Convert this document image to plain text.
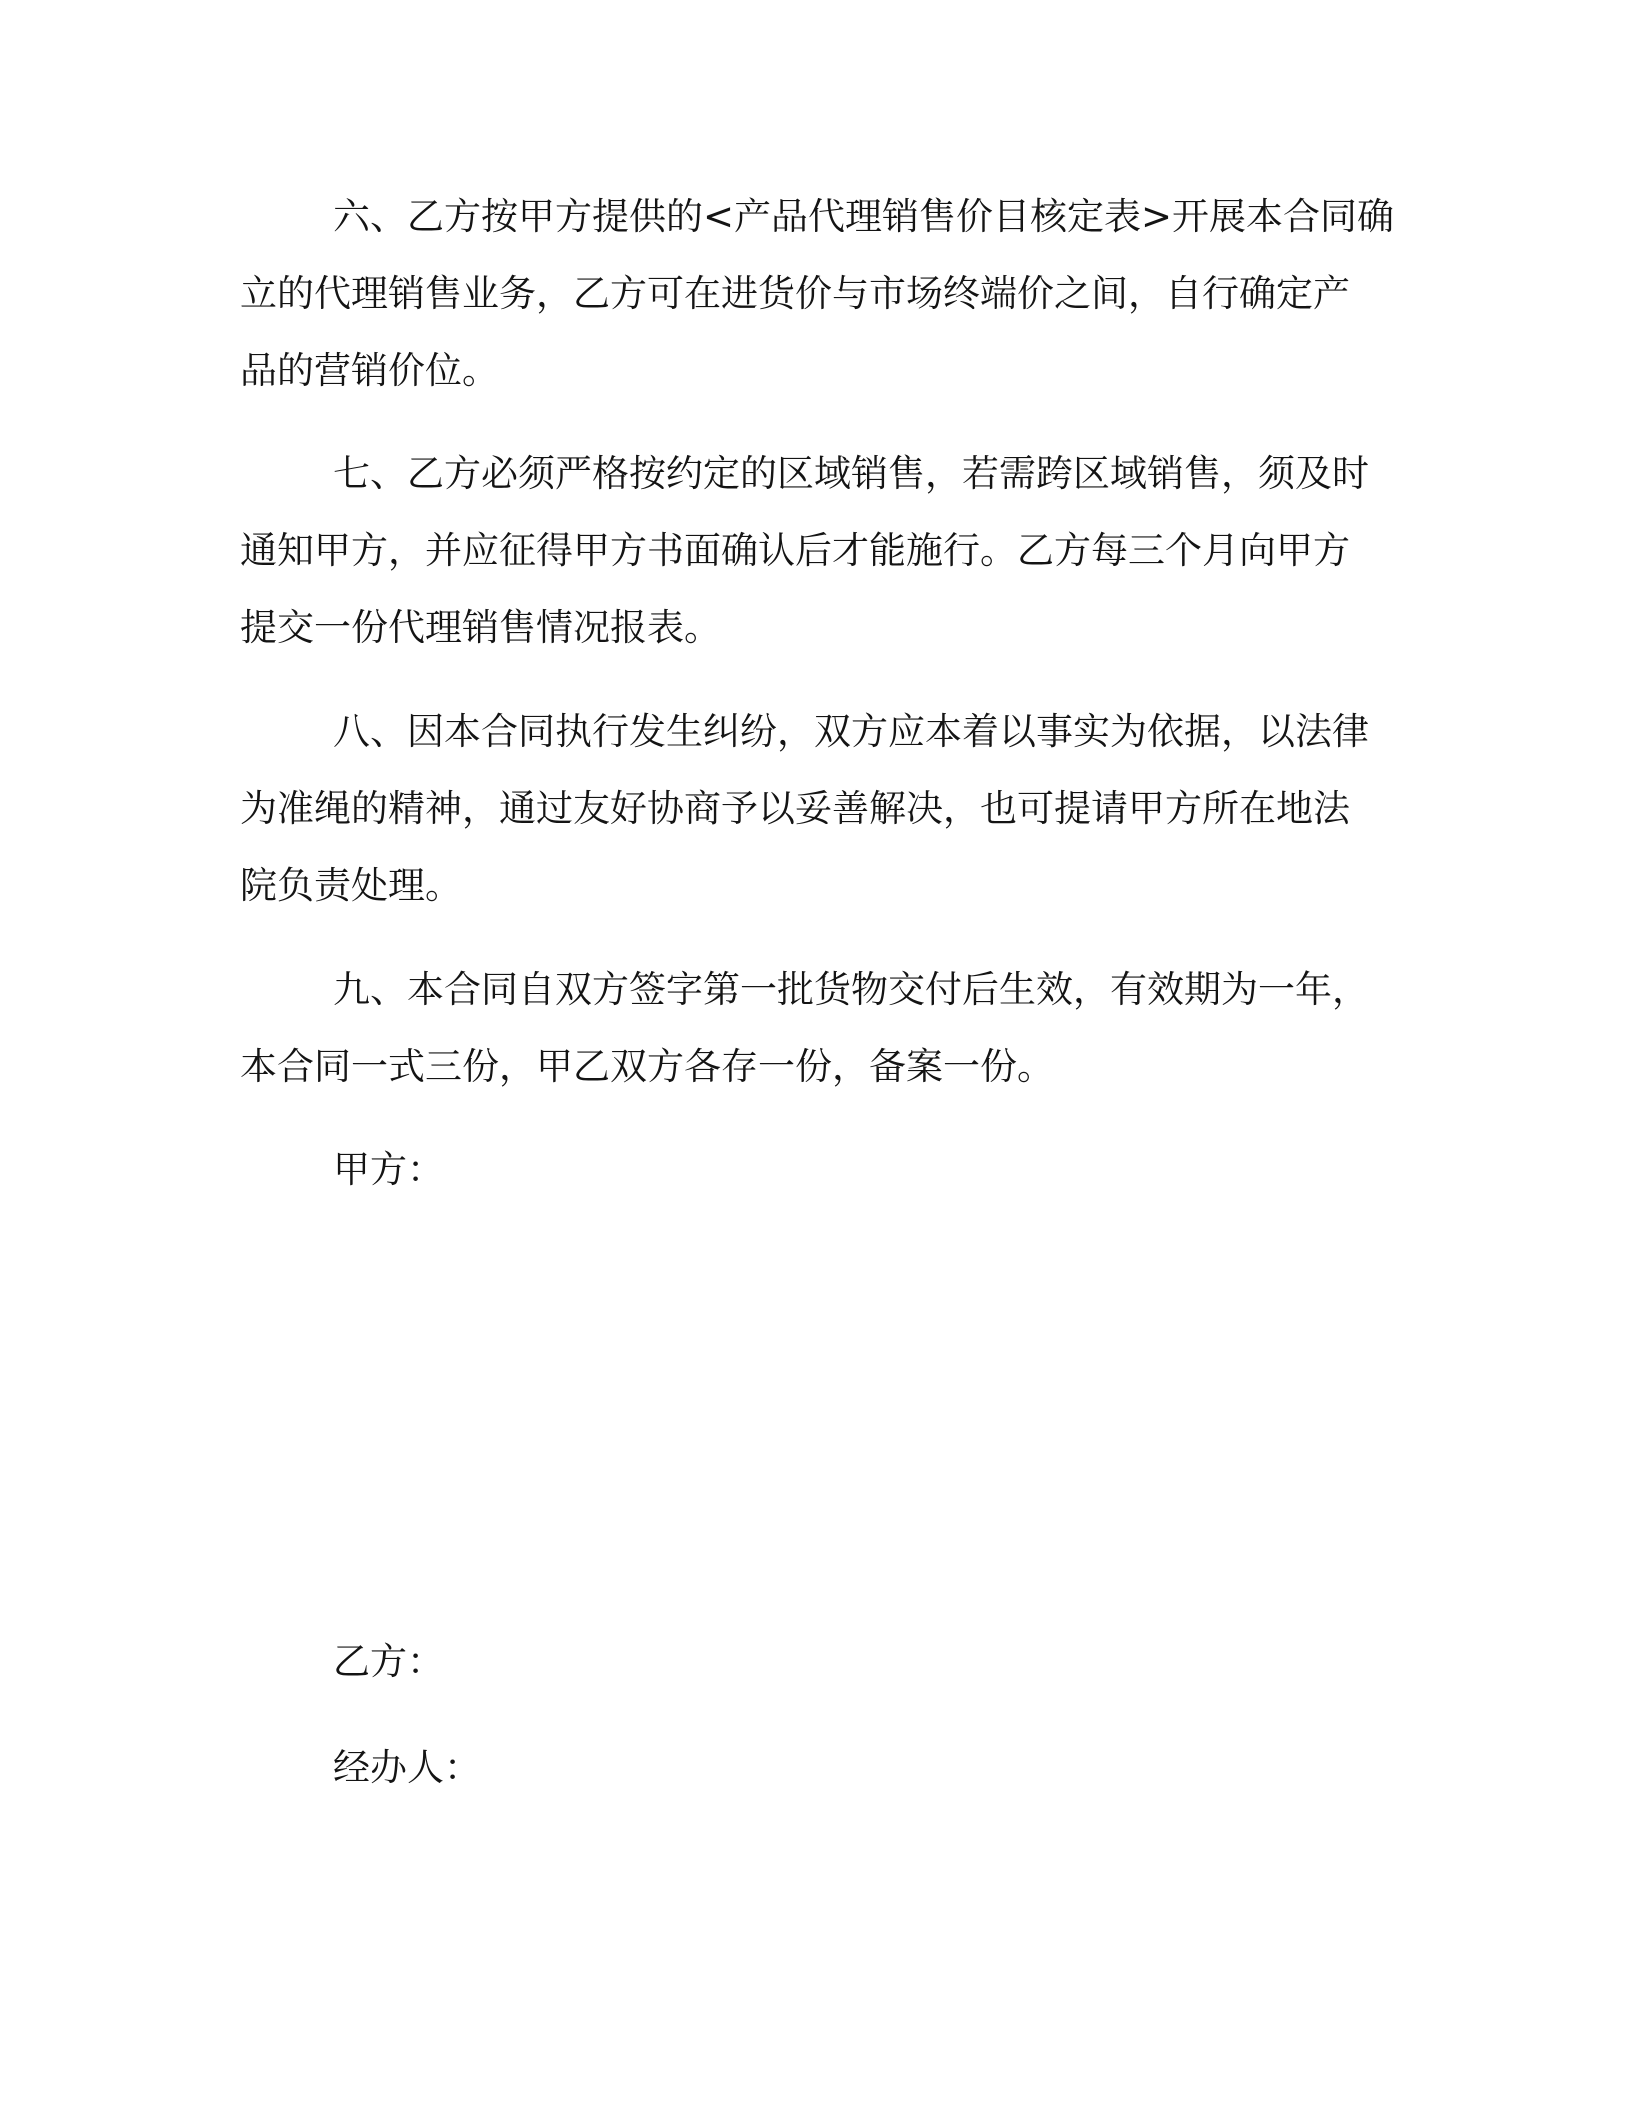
六、乙方按甲方提供的<产品代理销售价目核定表>开展本合同确
立的代理销售业务，乙方可在进货价与市场终端价之间，自行确定产
品的营销价位。
七、乙方必须严格按约定的区域销售，若需跨区域销售，须及时
通知甲方，并应征得甲方书面确认后才能施行。乙方每三个月向甲方
提交一份代理销售情况报表。
八、因本合同执行发生纠纷，双方应本着以事实为依据，以法律
为准绳的精神，通过友好协商予以妥善解决，也可提请甲方所在地法
院负责处理。
九、本合同自双方签字第一批货物交付后生效，有效期为一年，
本合同一式三份，甲乙双方各存一份，备案一份。
甲方：
乙方：
经办人：
